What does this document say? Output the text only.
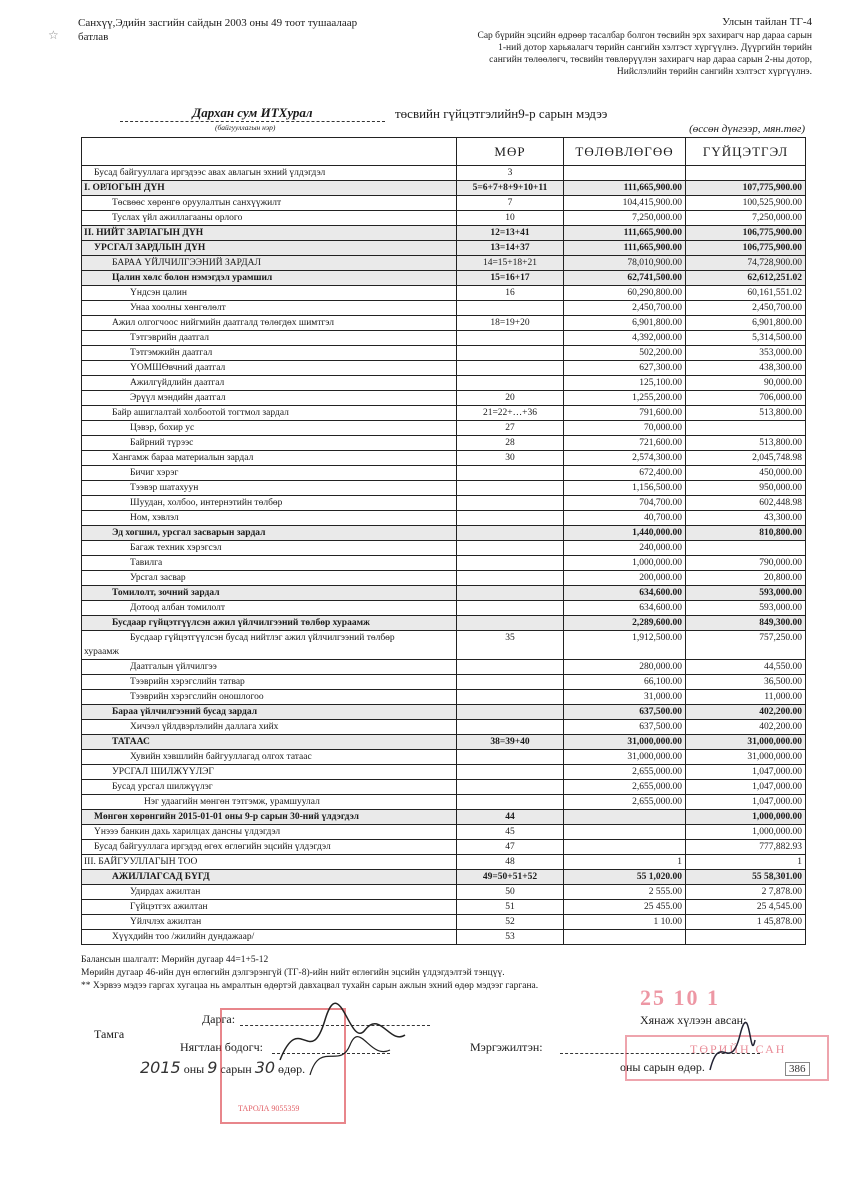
☆
Санхүү,Эдийн засгийн сайдын 2003 оны 49 тоот тушаалаар
батлав
Улсын тайлан ТГ-4
Сар бүрийн эцсийн өдрөөр тасалбар болгон төсвийн эрх захирагч нар дараа сарын
1-ний дотор харьяалагч төрийн сангийн хэлтэст хүргүүлнэ. Дүүргийн төрийн
сангийн төлөөлөгч, төсвийн төвлөрүүлэн захирагч нар дараа сарын 2-ны дотор,
Нийслэлийн төрийн сангийн хэлтэст хүргүүлнэ.
Дархан сум ИТХурал
(байгууллагын нэр)
төсвийн гүйцэтгэлийн9-р сарын мэдээ
(өссөн дүнгээр, мян.төг)
	МӨР	ТӨЛӨВЛӨГӨӨ	ГҮЙЦЭТГЭЛ
Бусад байгууллага иргэдээс авах авлагын эхний үлдэгдэл	3		
I. ОРЛОГЫН ДҮН	5=6+7+8+9+10+11	111,665,900.00	107,775,900.00
Төсвөөс хөрөнгө оруулалтын санхүүжилт	7	104,415,900.00	100,525,900.00
Туслах үйл ажиллагааны орлого	10	7,250,000.00	7,250,000.00
II. НИЙТ ЗАРЛАГЫН ДҮН	12=13+41	111,665,900.00	106,775,900.00
УРСГАЛ ЗАРДЛЫН ДҮН	13=14+37	111,665,900.00	106,775,900.00
БАРАА ҮЙЛЧИЛГЭЭНИЙ ЗАРДАЛ	14=15+18+21	78,010,900.00	74,728,900.00
Цалин хөлс болон нэмэгдэл урамшил	15=16+17	62,741,500.00	62,612,251.02
Үндсэн цалин	16	60,290,800.00	60,161,551.02
Унаа хоолны хөнгөлөлт		2,450,700.00	2,450,700.00
Ажил олгогчоос нийгмийн даатгалд төлөгдөх шимтгэл	18=19+20	6,901,800.00	6,901,800.00
Тэтгэврийн даатгал		4,392,000.00	5,314,500.00
Тэтгэмжийн даатгал		502,200.00	353,000.00
ҮОМШӨвчний даатгал		627,300.00	438,300.00
Ажилгүйдлийн даатгал		125,100.00	90,000.00
Эрүүл мэндийн даатгал	20	1,255,200.00	706,000.00
Байр ашиглалтай холбоотой тогтмол зардал	21=22+…+36	791,600.00	513,800.00
Цэвэр, бохир ус	27	70,000.00	
Байрний түрээс	28	721,600.00	513,800.00
Хангамж бараа материалын зардал	30	2,574,300.00	2,045,748.98
Бичиг хэрэг		672,400.00	450,000.00
Тээвэр шатахуун		1,156,500.00	950,000.00
Шуудан, холбоо, интернэтийн төлбөр		704,700.00	602,448.98
Ном, хэвлэл		40,700.00	43,300.00
Эд хогшил, урсгал засварын зардал		1,440,000.00	810,800.00
Багаж техник хэрэгсэл		240,000.00	
Тавилга		1,000,000.00	790,000.00
Урсгал засвар		200,000.00	20,800.00
Томилолт, зочний зардал		634,600.00	593,000.00
Дотоод албан томилолт		634,600.00	593,000.00
Бусдаар гүйцэтгүүлсэн ажил үйлчилгээний төлбөр хураамж		2,289,600.00	849,300.00
Бусдаар гүйцэтгүүлсэн бусад нийтлэг ажил үйлчилгээний төлбөр	35	1,912,500.00	757,250.00
хураамж			
Даатгалын үйлчилгээ		280,000.00	44,550.00
Тээврийн хэрэгслийн татвар		66,100.00	36,500.00
Тээврийн хэрэгслийн оношлогоо		31,000.00	11,000.00
Бараа үйлчилгээний бусад зардал		637,500.00	402,200.00
Хичээл үйлдвэрлэлийн даллага хийх		637,500.00	402,200.00
ТАТААС	38=39+40	31,000,000.00	31,000,000.00
Хувийн хэвшлийн байгууллагад олгох татаас		31,000,000.00	31,000,000.00
УРСГАЛ ШИЛЖҮҮЛЭГ		2,655,000.00	1,047,000.00
Бусад урсгал шилжүүлэг		2,655,000.00	1,047,000.00
Нэг удаагийн мөнгөн тэтгэмж, урамшуулал		2,655,000.00	1,047,000.00
Мөнгөн хөрөнгийн 2015-01-01 оны 9-р сарын 30-ний үлдэгдэл	44		1,000,000.00
Үнэээ банкин дахь харилцах дансны үлдэгдэл	45		1,000,000.00
Бусад байгууллага иргэдэд өгөх өглөгийн эцсийн үлдэгдэл	47		777,882.93
III. БАЙГУУЛЛАГЫН ТОО	48	1	1
АЖИЛЛАГСАД БҮГД	49=50+51+52	55 1,020.00	55 58,301.00
Удирдах ажилтан	50	2 555.00	2 7,878.00
Гүйцэтгэх ажилтан	51	25 455.00	25 4,545.00
Үйлчлэх ажилтан	52	1 10.00	1 45,878.00
Хүүхдийн тоо /жилийн дундажаар/	53		
Балансын шалгалт: Мөрийн дугаар 44=1+5-12
Мөрийн дугаар 46-ийн дүн өглөгийн дэлгэрэнгүй (ТГ-8)-ийн нийт өглөгийн эцсийн үлдэгдэлтэй тэнцүү.
** Хэрвээ мэдээ гаргах хугацаа нь амралтын өдөртэй давхацвал тухайн сарын ажлын эхний өдөр мэдээг гаргана.	25 10 1
Тамга
Дарга:
Нягтлан бодогч:
2015 оны 9 сарын 30 өдөр.
ТАРОЛА 9055359
Хянаж хүлээн авсан:
Мэргэжилтэн:
оны сарын өдөр.
ТӨРИЙН САН
386
